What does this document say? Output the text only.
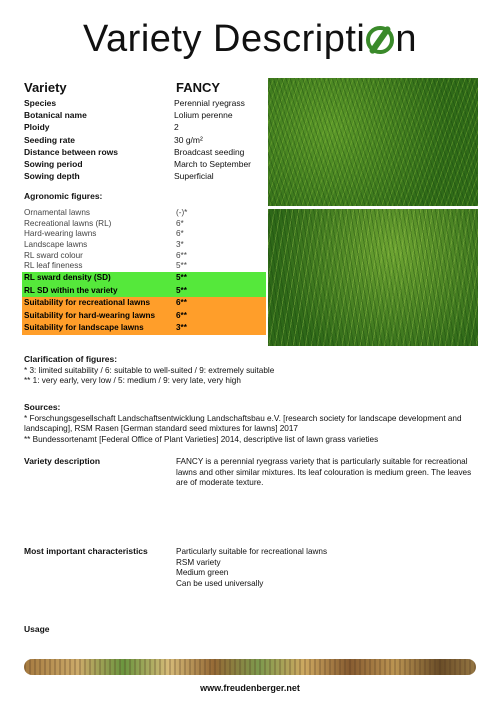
Variety Descripti n
Variety	FANCY
Species	Perennial ryegrass
Botanical name	Lolium perenne
Ploidy	2
Seeding rate	30 g/m²
Distance between rows	Broadcast seeding
Sowing period	March to September
Sowing depth	Superficial
Agronomic figures:
Ornamental lawns	(-)*
Recreational lawns (RL)	6*
Hard-wearing lawns	6*
Landscape lawns	3*
RL sward colour	6**
RL leaf fineness	5**
RL sward density (SD)	5**
RL SD within the variety	5**
Suitability for recreational lawns	6**
Suitability for hard-wearing lawns	6**
Suitability for landscape lawns	3**
Clarification of figures:
* 3: limited suitability / 6: suitable to well-suited / 9: extremely suitable
** 1: very early, very low / 5: medium / 9: very late, very high
Sources:
* Forschungsgesellschaft Landschaftsentwicklung Landschaftsbau e.V. [research society for landscape development and landscaping], RSM Rasen [German standard seed mixtures for lawns] 2017
** Bundessortenamt [Federal Office of Plant Varieties] 2014, descriptive list of lawn grass varieties
Variety description	FANCY is a perennial ryegrass variety that is particularly suitable for recreational lawns and other similar mixtures. Its leaf colouration is medium green. The leaves are of moderate texture.
Most important characteristics	Particularly suitable for recreational lawns
RSM variety
Medium green
Can be used universally
Usage
www.freudenberger.net
